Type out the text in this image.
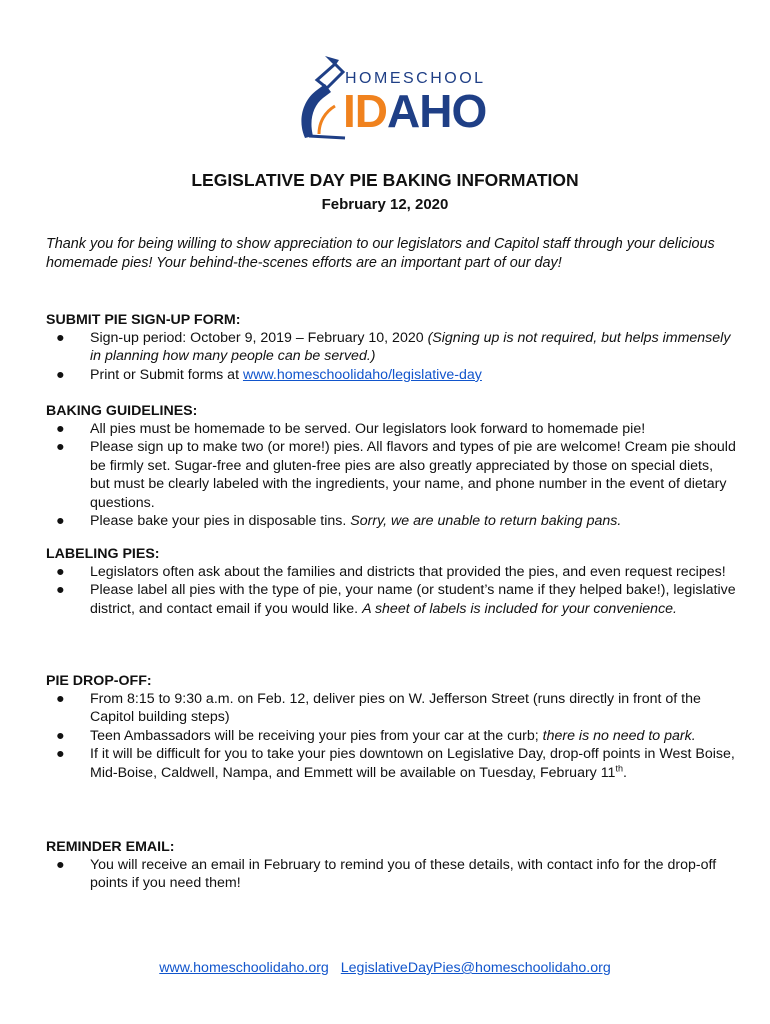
HOMESCHOOL
IDAHO
LEGISLATIVE DAY PIE BAKING INFORMATION
February 12, 2020
Thank you for being willing to show appreciation to our legislators and Capitol staff through your delicious homemade pies! Your behind-the-scenes efforts are an important part of our day!

SUBMIT PIE SIGN-UP FORM:

● Sign-up period: October 9, 2019 – February 10, 2020 (Signing up is not required, but helps immensely in planning how many people can be served.)
● Print or Submit forms at www.homeschoolidaho/legislative-day

BAKING GUIDELINES:

● All pies must be homemade to be served. Our legislators look forward to homemade pie!
● Please sign up to make two (or more!) pies. All flavors and types of pie are welcome! Cream pie should be firmly set. Sugar-free and gluten-free pies are also greatly appreciated by those on special diets, but must be clearly labeled with the ingredients, your name, and phone number in the event of dietary questions.
● Please bake your pies in disposable tins. Sorry, we are unable to return baking pans.

LABELING PIES:

● Legislators often ask about the families and districts that provided the pies, and even request recipes!
● Please label all pies with the type of pie, your name (or student’s name if they helped bake!), legislative district, and contact email if you would like. A sheet of labels is included for your convenience.

PIE DROP-OFF:

● From 8:15 to 9:30 a.m. on Feb. 12, deliver pies on W. Jefferson Street (runs directly in front of the Capitol building steps)
● Teen Ambassadors will be receiving your pies from your car at the curb; there is no need to park.
● If it will be difficult for you to take your pies downtown on Legislative Day, drop-off points in West Boise, Mid-Boise, Caldwell, Nampa, and Emmett will be available on Tuesday, February 11th.

REMINDER EMAIL:

● You will receive an email in February to remind you of these details, with contact info for the drop-off points if you need them!
www.homeschoolidaho.org LegislativeDayPies@homeschoolidaho.org
